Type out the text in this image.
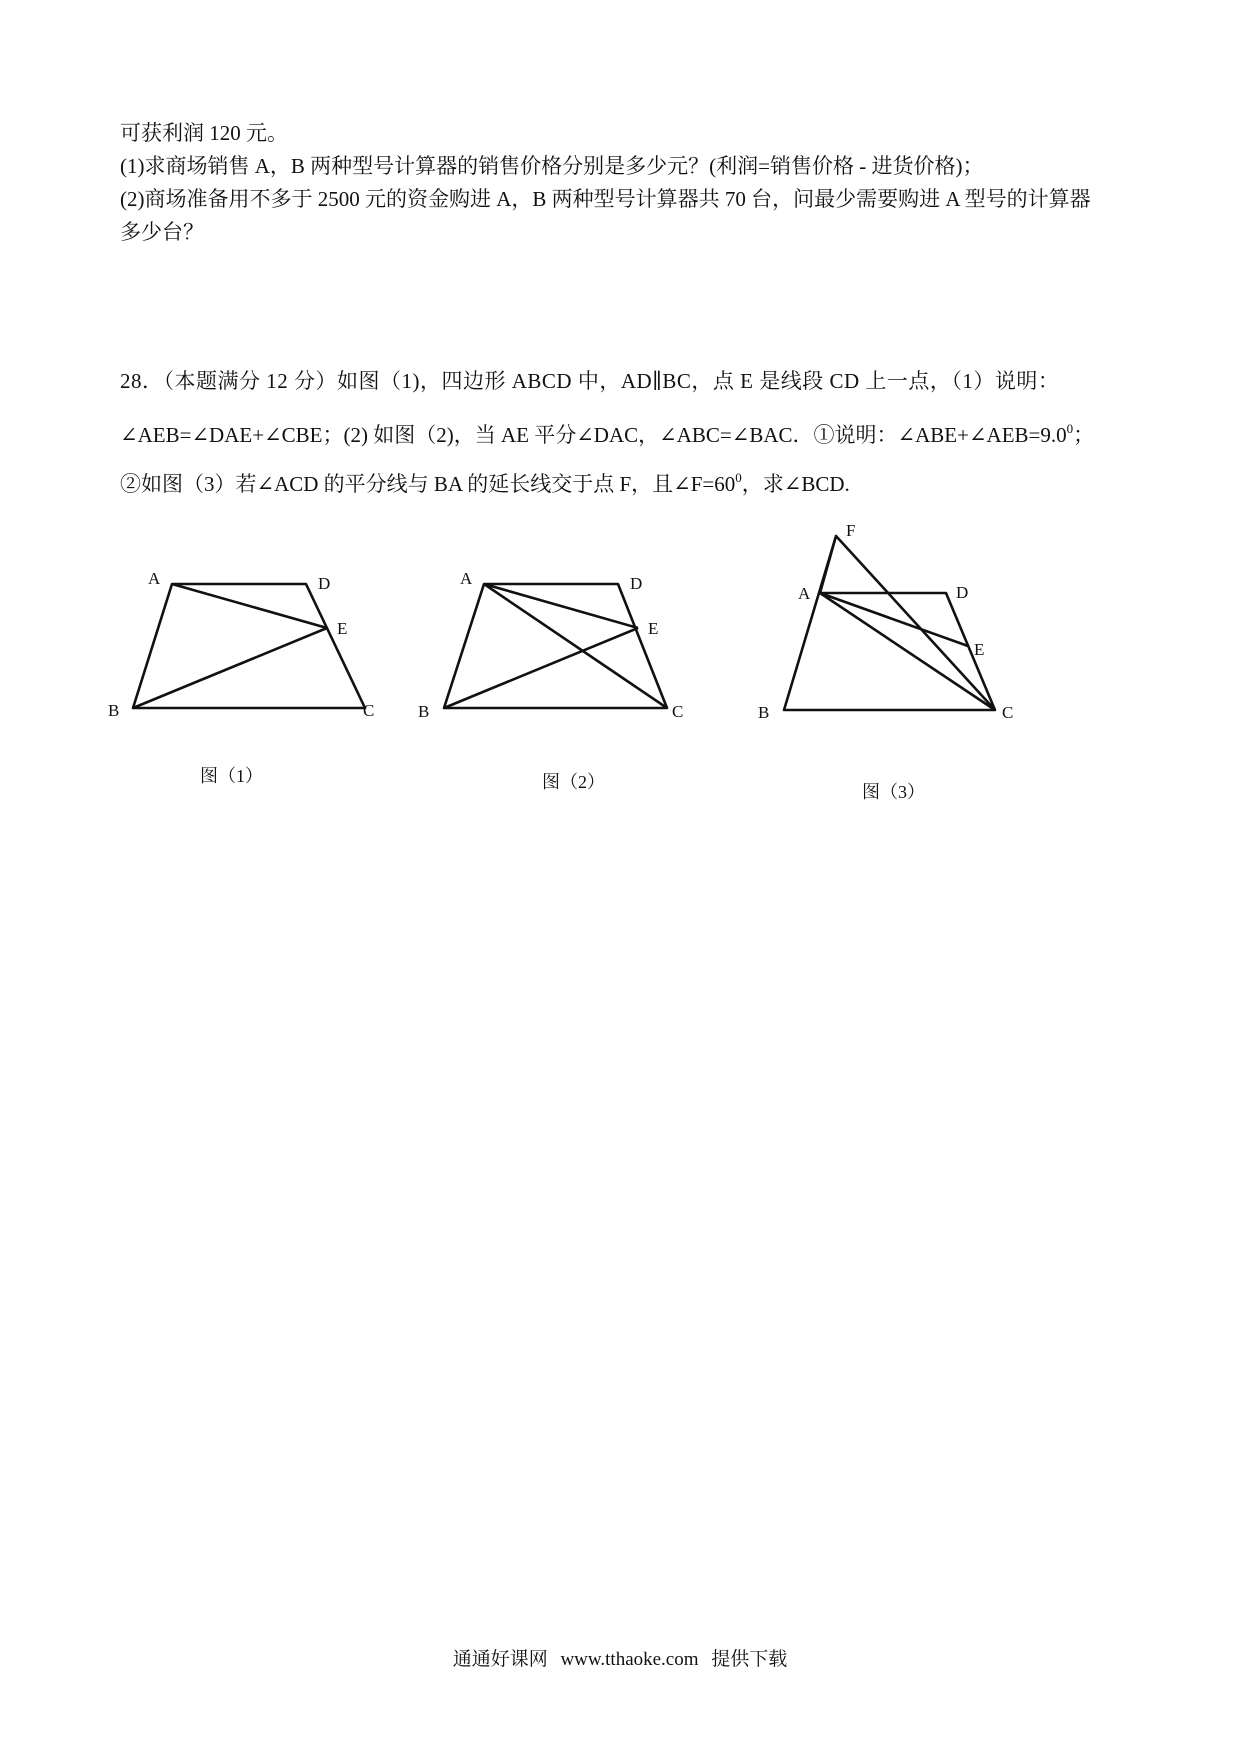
可获利润 120 元。
(1)求商场销售 A，B 两种型号计算器的销售价格分别是多少元？(利润=销售价格 - 进货价格)；
(2)商场准备用不多于 2500 元的资金购进 A，B 两种型号计算器共 70 台，问最少需要购进 A 型号的计算器
多少台？
28．（本题满分 12 分）如图（1)，四边形 ABCD 中，AD∥BC，点 E 是线段 CD 上一点，（1）说明：
∠AEB=∠DAE+∠CBE；(2) 如图（2)，当 AE 平分∠DAC，∠ABC=∠BAC．①说明：$\angle ABE+\angle AEB=9.0^0$；
②如图（3）若∠ACD 的平分线与 BA 的延长线交于点 F，且$\angle F=60^0$，求∠BCD.
A	D
E
B	C
A	D
E
B	C
F
A	D
E
B	C
图（1）	图（2）	图（3）
通通好课网 www.tthaoke.com 提供下载
